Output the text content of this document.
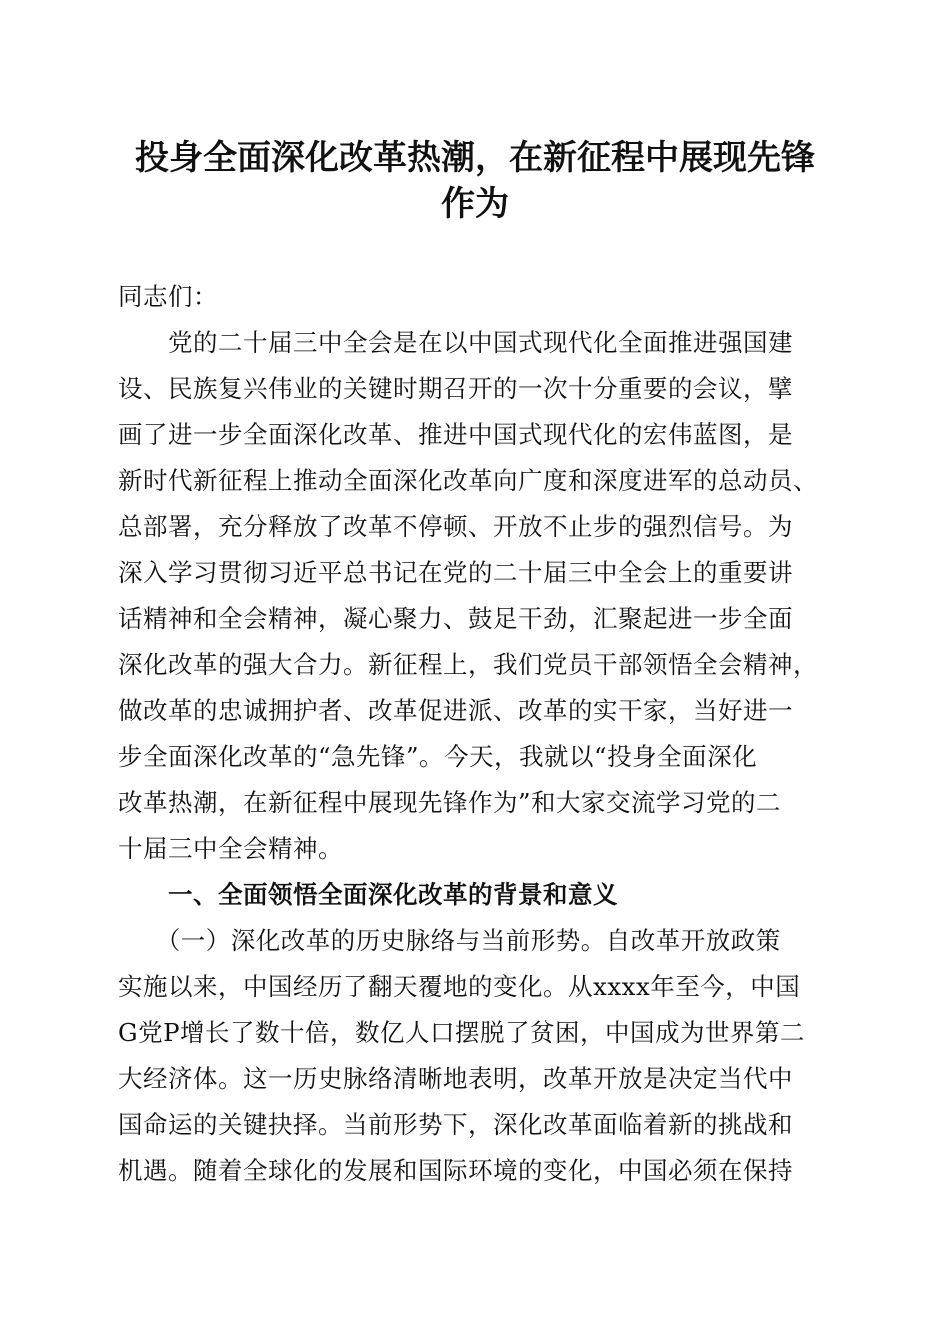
投身全面深化改革热潮，在新征程中展现先锋
作为

同志们：

　　党的二十届三中全会是在以中国式现代化全面推进强国建

设、民族复兴伟业的关键时期召开的一次十分重要的会议，擘

画了进一步全面深化改革、推进中国式现代化的宏伟蓝图，是

新时代新征程上推动全面深化改革向广度和深度进军的总动员、

总部署，充分释放了改革不停顿、开放不止步的强烈信号。为

深入学习贯彻习近平总书记在党的二十届三中全会上的重要讲

话精神和全会精神，凝心聚力、鼓足干劲，汇聚起进一步全面

深化改革的强大合力。新征程上，我们党员干部领悟全会精神，

做改革的忠诚拥护者、改革促进派、改革的实干家，当好进一

步全面深化改革的“急先锋”。今天，我就以“投身全面深化

改革热潮，在新征程中展现先锋作为”和大家交流学习党的二

十届三中全会精神。

　　一、全面领悟全面深化改革的背景和意义

　　（一）深化改革的历史脉络与当前形势。自改革开放政策

实施以来，中国经历了翻天覆地的变化。从xxxx年至今，中国

G党P增长了数十倍，数亿人口摆脱了贫困，中国成为世界第二

大经济体。这一历史脉络清晰地表明，改革开放是决定当代中

国命运的关键抉择。当前形势下，深化改革面临着新的挑战和

机遇。随着全球化的发展和国际环境的变化，中国必须在保持
